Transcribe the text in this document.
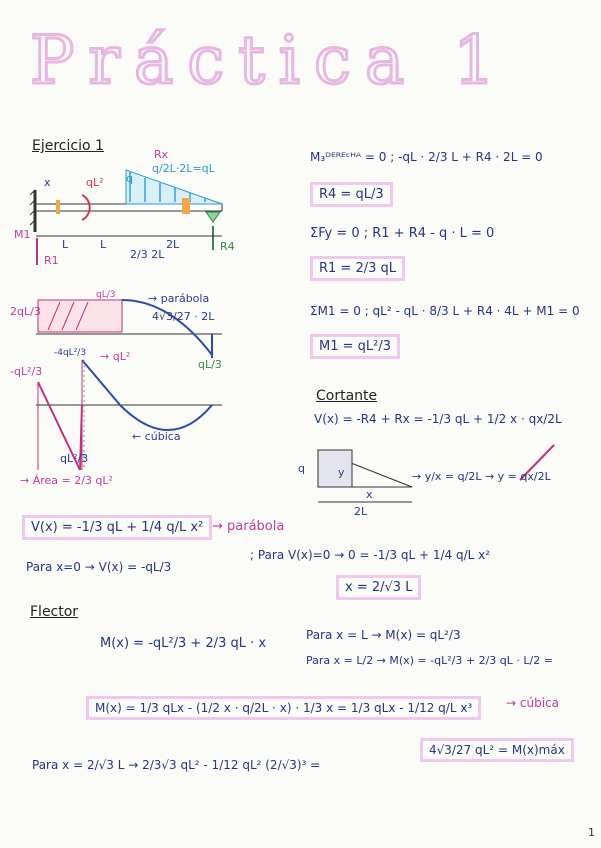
Práctica 1
Ejercicio 1
Rx
q/2L·2L=qL
q
qL²
x
M1
R1
R4
L	L	2L
2/3 2L
2qL/3
qL/3	→ parábola
4√3/27 · 2L
qL/3
-qL²/3
-4qL²/3 → qL²
← cúbica
qL²/3
→ Área = 2/3 qL²
M₃ᴰᴱᴿᴱᶜᴴᴬ = 0 ; -qL · 2/3 L + R4 · 2L = 0
R4 = qL/3
ΣFy = 0 ; R1 + R4 - q · L = 0
R1 = 2/3 qL
ΣM1 = 0 ; qL² - qL · 8/3 L + R4 · 4L + M1 = 0
M1 = qL²/3
Cortante
V(x) = -R4 + Rx = -1/3 qL + 1/2 x · qx/2L
q	y
x
2L
→ y/x = q/2L → y = qx/2L
V(x) = -1/3 qL + 1/4 q/L x² → parábola
Para x=0 → V(x) = -qL/3
; Para V(x)=0 → 0 = -1/3 qL + 1/4 q/L x²
x = 2/√3 L
Flector
M(x) = -qL²/3 + 2/3 qL · x
Para x = L → M(x) = qL²/3
Para x = L/2 → M(x) = -qL²/3 + 2/3 qL · L/2 =
M(x) = 1/3 qLx - (1/2 x · q/2L · x) · 1/3 x = 1/3 qLx - 1/12 q/L x³	→ cúbica
Para x = 2/√3 L → 2/3√3 qL² - 1/12 qL² (2/√3)³ =
4√3/27 qL² = M(x)máx
1
